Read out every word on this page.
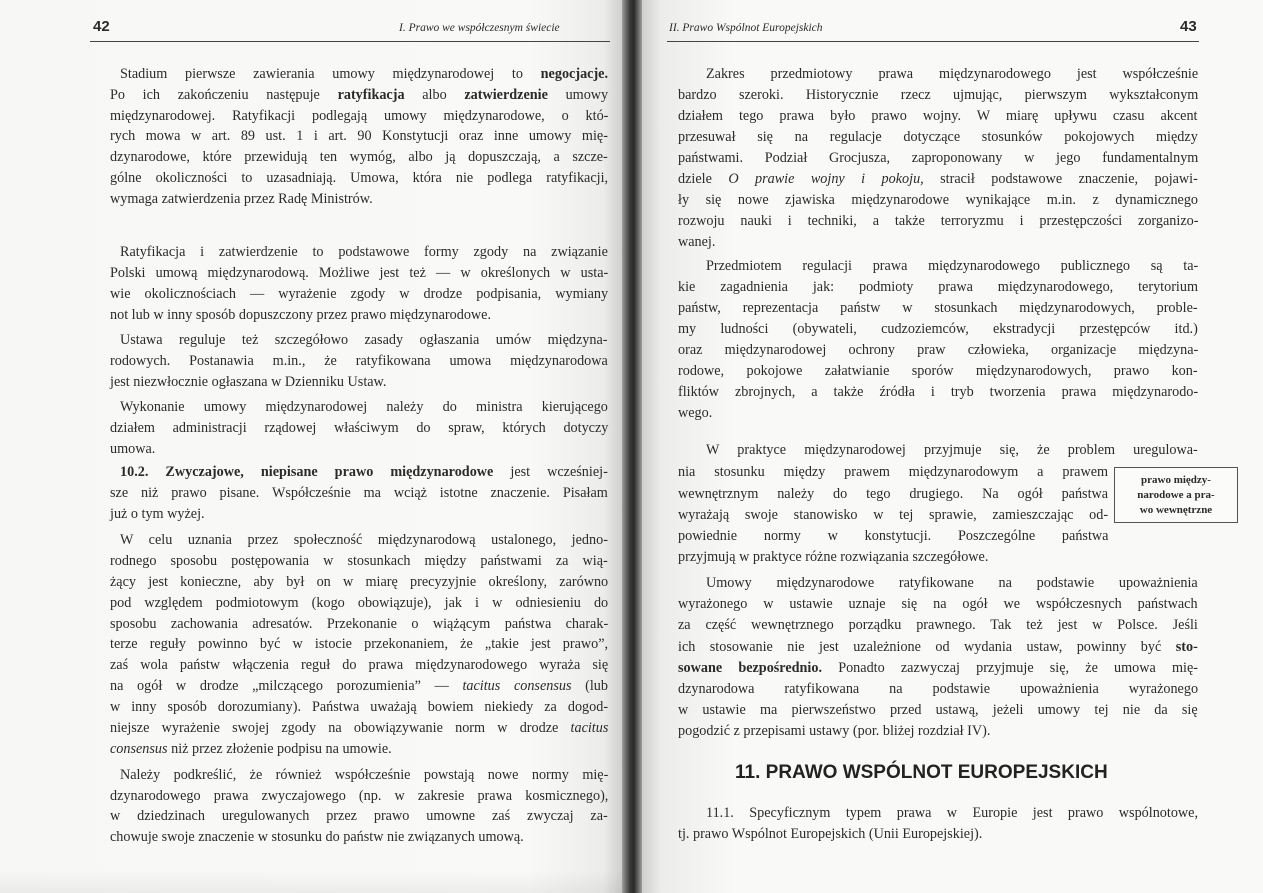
42	I. Prawo we współczesnym świecie
Stadium pierwsze zawierania umowy międzynarodowej to negocjacje.
Po ich zakończeniu następuje ratyfikacja albo zatwierdzenie umowy
międzynarodowej. Ratyfikacji podlegają umowy międzynarodowe, o któ-
rych mowa w art. 89 ust. 1 i art. 90 Konstytucji oraz inne umowy mię-
dzynarodowe, które przewidują ten wymóg, albo ją dopuszczają, a szcze-
gólne okoliczności to uzasadniają. Umowa, która nie podlega ratyfikacji,
wymaga zatwierdzenia przez Radę Ministrów.
Ratyfikacja i zatwierdzenie to podstawowe formy zgody na związanie
Polski umową międzynarodową. Możliwe jest też — w określonych w usta-
wie okolicznościach — wyrażenie zgody w drodze podpisania, wymiany
not lub w inny sposób dopuszczony przez prawo międzynarodowe.
Ustawa reguluje też szczegółowo zasady ogłaszania umów międzyna-
rodowych. Postanawia m.in., że ratyfikowana umowa międzynarodowa
jest niezwłocznie ogłaszana w Dzienniku Ustaw.
Wykonanie umowy międzynarodowej należy do ministra kierującego
działem administracji rządowej właściwym do spraw, których dotyczy
umowa.
10.2. Zwyczajowe, niepisane prawo międzynarodowe jest wcześniej-
sze niż prawo pisane. Współcześnie ma wciąż istotne znaczenie. Pisałam
już o tym wyżej.
W celu uznania przez społeczność międzynarodową ustalonego, jedno-
rodnego sposobu postępowania w stosunkach między państwami za wią-
żący jest konieczne, aby był on w miarę precyzyjnie określony, zarówno
pod względem podmiotowym (kogo obowiązuje), jak i w odniesieniu do
sposobu zachowania adresatów. Przekonanie o wiążącym państwa charak-
terze reguły powinno być w istocie przekonaniem, że „takie jest prawo”,
zaś wola państw włączenia reguł do prawa międzynarodowego wyraża się
na ogół w drodze „milczącego porozumienia” — tacitus consensus (lub
w inny sposób dorozumiany). Państwa uważają bowiem niekiedy za dogod-
niejsze wyrażenie swojej zgody na obowiązywanie norm w drodze tacitus
consensus niż przez złożenie podpisu na umowie.
Należy podkreślić, że również współcześnie powstają nowe normy mię-
dzynarodowego prawa zwyczajowego (np. w zakresie prawa kosmicznego),
w dziedzinach uregulowanych przez prawo umowne zaś zwyczaj za-
chowuje swoje znaczenie w stosunku do państw nie związanych umową.
II. Prawo Wspólnot Europejskich	43
Zakres przedmiotowy prawa międzynarodowego jest współcześnie
bardzo szeroki. Historycznie rzecz ujmując, pierwszym wykształconym
działem tego prawa było prawo wojny. W miarę upływu czasu akcent
przesuwał się na regulacje dotyczące stosunków pokojowych między
państwami. Podział Grocjusza, zaproponowany w jego fundamentalnym
dziele O prawie wojny i pokoju, stracił podstawowe znaczenie, pojawi-
ły się nowe zjawiska międzynarodowe wynikające m.in. z dynamicznego
rozwoju nauki i techniki, a także terroryzmu i przestępczości zorganizo-
wanej.
Przedmiotem regulacji prawa międzynarodowego publicznego są ta-
kie zagadnienia jak: podmioty prawa międzynarodowego, terytorium
państw, reprezentacja państw w stosunkach międzynarodowych, proble-
my ludności (obywateli, cudzoziemców, ekstradycji przestępców itd.)
oraz międzynarodowej ochrony praw człowieka, organizacje międzyna-
rodowe, pokojowe załatwianie sporów międzynarodowych, prawo kon-
fliktów zbrojnych, a także źródła i tryb tworzenia prawa międzynarodo-
wego.
W praktyce międzynarodowej przyjmuje się, że problem uregulowa-
nia stosunku między prawem międzynarodowym a prawem
wewnętrznym należy do tego drugiego. Na ogół państwa
wyrażają swoje stanowisko w tej sprawie, zamieszczając od-
powiednie normy w konstytucji. Poszczególne państwa
przyjmują w praktyce różne rozwiązania szczegółowe.
Umowy międzynarodowe ratyfikowane na podstawie upoważnienia
wyrażonego w ustawie uznaje się na ogół we współczesnych państwach
za część wewnętrznego porządku prawnego. Tak też jest w Polsce. Jeśli
ich stosowanie nie jest uzależnione od wydania ustaw, powinny być sto-
sowane bezpośrednio. Ponadto zazwyczaj przyjmuje się, że umowa mię-
dzynarodowa ratyfikowana na podstawie upoważnienia wyrażonego
w ustawie ma pierwszeństwo przed ustawą, jeżeli umowy tej nie da się
pogodzić z przepisami ustawy (por. bliżej rozdział IV).
11.1. Specyficznym typem prawa w Europie jest prawo wspólnotowe,
tj. prawo Wspólnot Europejskich (Unii Europejskiej).
prawo między-
narodowe a pra-
wo wewnętrzne
11. PRAWO WSPÓLNOT EUROPEJSKICH
